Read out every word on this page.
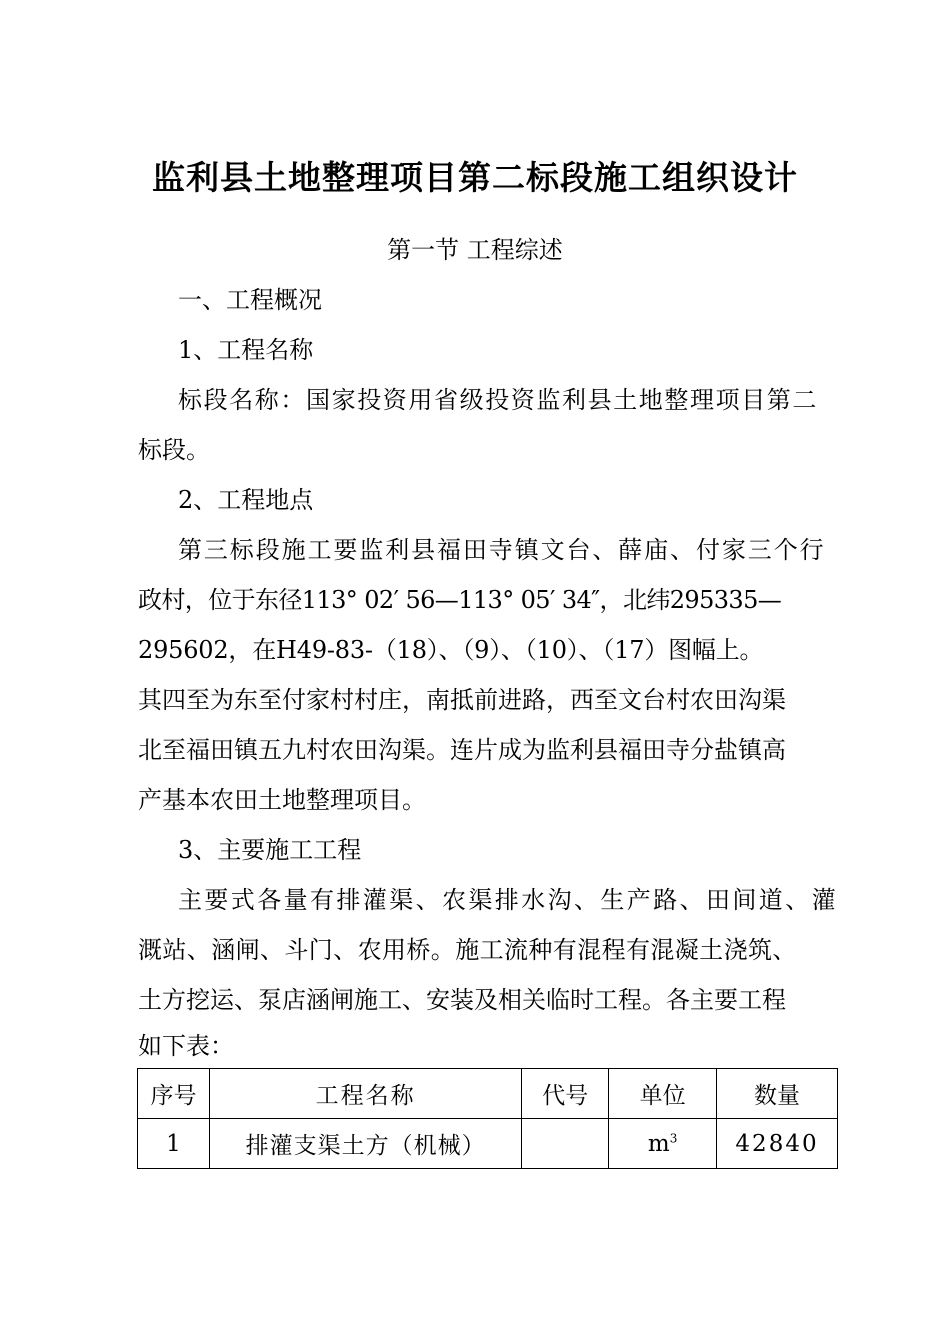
监利县土地整理项目第二标段施工组织设计
第一节 工程综述
一、工程概况
1、工程名称
标段名称：国家投资用省级投资监利县土地整理项目第二
标段。
2、工程地点
第三标段施工要监利县福田寺镇文台、薛庙、付家三个行
政村，位于东径113° 02′ 56—113° 05′ 34″，北纬295335—
295602，在H49-83-（18）、（9）、（10）、（17）图幅上。
其四至为东至付家村村庄，南抵前进路，西至文台村农田沟渠
北至福田镇五九村农田沟渠。连片成为监利县福田寺分盐镇高
产基本农田土地整理项目。
3、主要施工工程
主要式各量有排灌渠、农渠排水沟、生产路、田间道、灌
溉站、涵闸、斗门、农用桥。施工流种有混程有混凝土浇筑、
土方挖运、泵店涵闸施工、安装及相关临时工程。各主要工程
如下表：
序号	工程名称	代号	单位	数量
1	排灌支渠土方（机械）		$m^3$	42840
